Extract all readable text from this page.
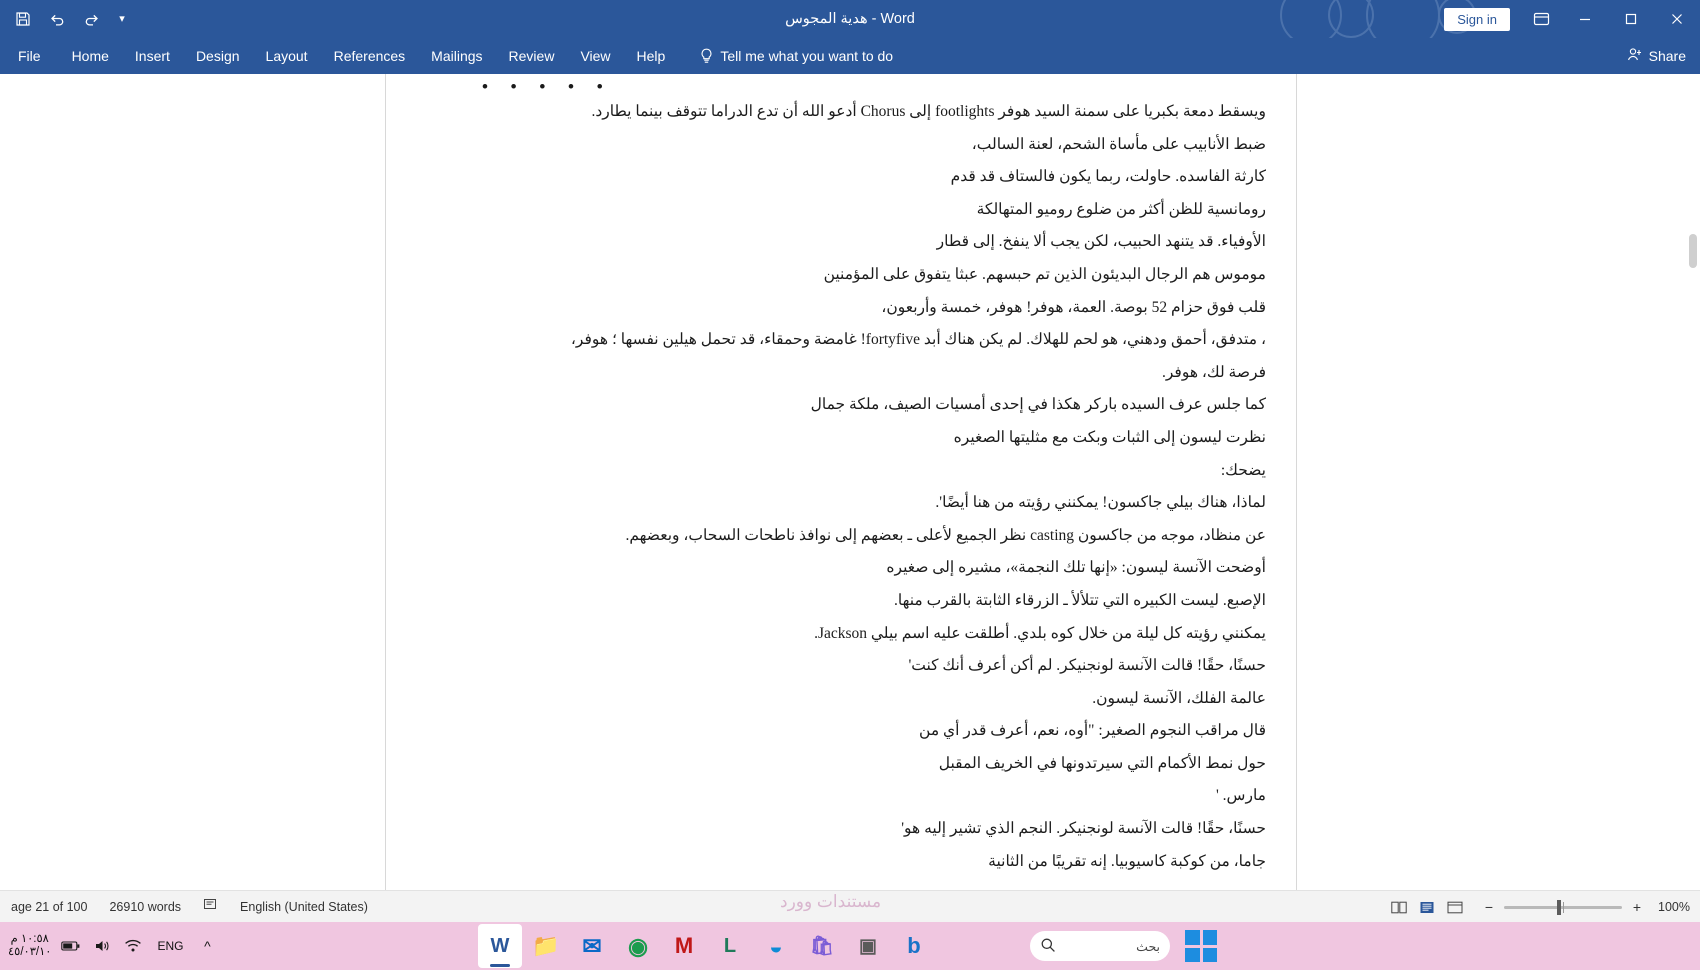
▾	هدية المجوس - Word	Sign in
File	Home	Insert	Design	Layout	References	Mailings	Review	View	Help	Tell me what you want to do	Share
• • • • •
ويسقط دمعة بكبريا على سمنة السيد هوفر footlights إلى Chorus أدعو الله أن تدع الدراما تتوقف بينما يطارد.
ضبط الأنابيب على مأساة الشحم، لعنة السالب،
كارثة الفاسده. حاولت، ربما يكون فالستاف قد قدم
رومانسية للظن أكثر من ضلوع روميو المتهالكة
الأوفياء. قد يتنهد الحبيب، لكن يجب ألا ينفخ. إلى قطار
موموس هم الرجال البديئون الذين تم حبسهم. عبثا يتفوق على المؤمنين
قلب فوق حزام 52 بوصة. العمة، هوفر! هوفر، خمسة وأربعون،
، متدفق، أحمق ودهني، هو لحم للهلاك. لم يكن هناك أبد fortyfive! غامضة وحمقاء، قد تحمل هيلين نفسها ؛ هوفر،
فرصة لك، هوفر.
كما جلس عرف السيده باركر هكذا في إحدى أمسيات الصيف، ملكة جمال
نظرت ليسون إلى الثبات وبكت مع مثليتها الصغيره
يضحك:
لماذا، هناك بيلي جاكسون! يمكنني رؤيته من هنا أيضًا'.
عن منظاد، موجه من جاكسون casting نظر الجميع لأعلى ـ بعضهم إلى نوافذ ناطحات السحاب، وبعضهم.
أوضحت الآنسة ليسون: «إنها تلك النجمة»، مشيره إلى صغيره
الإصبع. ليست الكبيره التي تتلألأ ـ الزرقاء الثابتة بالقرب منها.
يمكنني رؤيته كل ليلة من خلال كوه بلدي. أطلقت عليه اسم بيلي Jackson.
حسنًا، حقًا! قالت الآنسة لونجنيكر. لم أكن أعرف أنك كنت'
عالمة الفلك، الآنسة ليسون.
قال مراقب النجوم الصغير: "أوه، نعم، أعرف قدر أي من
حول نمط الأكمام التي سيرتدونها في الخريف المقبل
مارس. '
حسنًا، حقًا! قالت الآنسة لونجنيكر. النجم الذي تشير إليه هو'
جاما، من كوكبة كاسيوبيا. إنه تقريبًا من الثانية
age 21 of 100	26910 words	English (United States)	−	+	100%
مستندات وورد
١٠:٥٨ م
٤٥/٠٣/١٠	ENG	^	W 📁 ✉ ◉ M L ◒ 🛍 ▣ b	بحث
